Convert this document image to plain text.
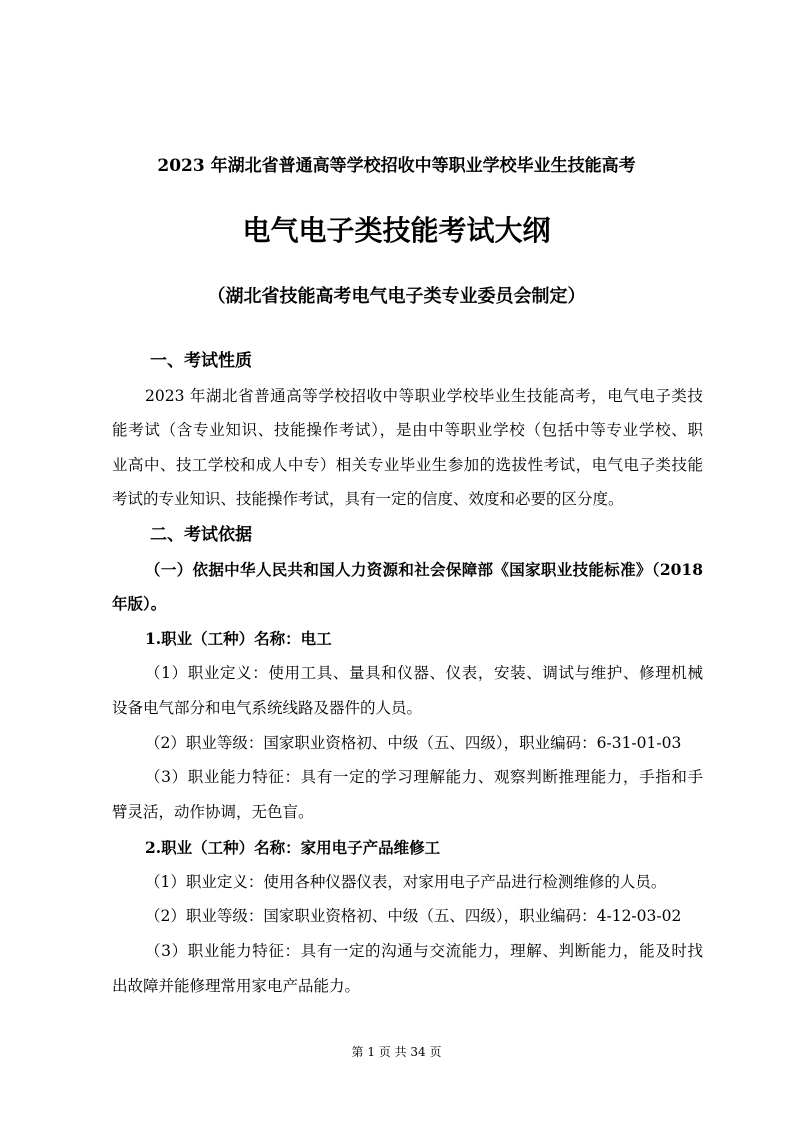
2023 年湖北省普通高等学校招收中等职业学校毕业生技能高考
电气电子类技能考试大纲
（湖北省技能高考电气电子类专业委员会制定）
一、考试性质
2023 年湖北省普通高等学校招收中等职业学校毕业生技能高考，电气电子类技
能考试（含专业知识、技能操作考试），是由中等职业学校（包括中等专业学校、职
业高中、技工学校和成人中专）相关专业毕业生参加的选拔性考试，电气电子类技能
考试的专业知识、技能操作考试，具有一定的信度、效度和必要的区分度。
二、考试依据
（一）依据中华人民共和国人力资源和社会保障部《国家职业技能标准》（2018
年版）。
1.职业（工种）名称：电工
（1）职业定义：使用工具、量具和仪器、仪表，安装、调试与维护、修理机械
设备电气部分和电气系统线路及器件的人员。
（2）职业等级：国家职业资格初、中级（五、四级），职业编码：6-31-01-03
（3）职业能力特征：具有一定的学习理解能力、观察判断推理能力，手指和手
臂灵活，动作协调，无色盲。
2.职业（工种）名称：家用电子产品维修工
（1）职业定义：使用各种仪器仪表，对家用电子产品进行检测维修的人员。
（2）职业等级：国家职业资格初、中级（五、四级），职业编码：4-12-03-02
（3）职业能力特征：具有一定的沟通与交流能力，理解、判断能力，能及时找
出故障并能修理常用家电产品能力。
第 1 页 共 34 页
